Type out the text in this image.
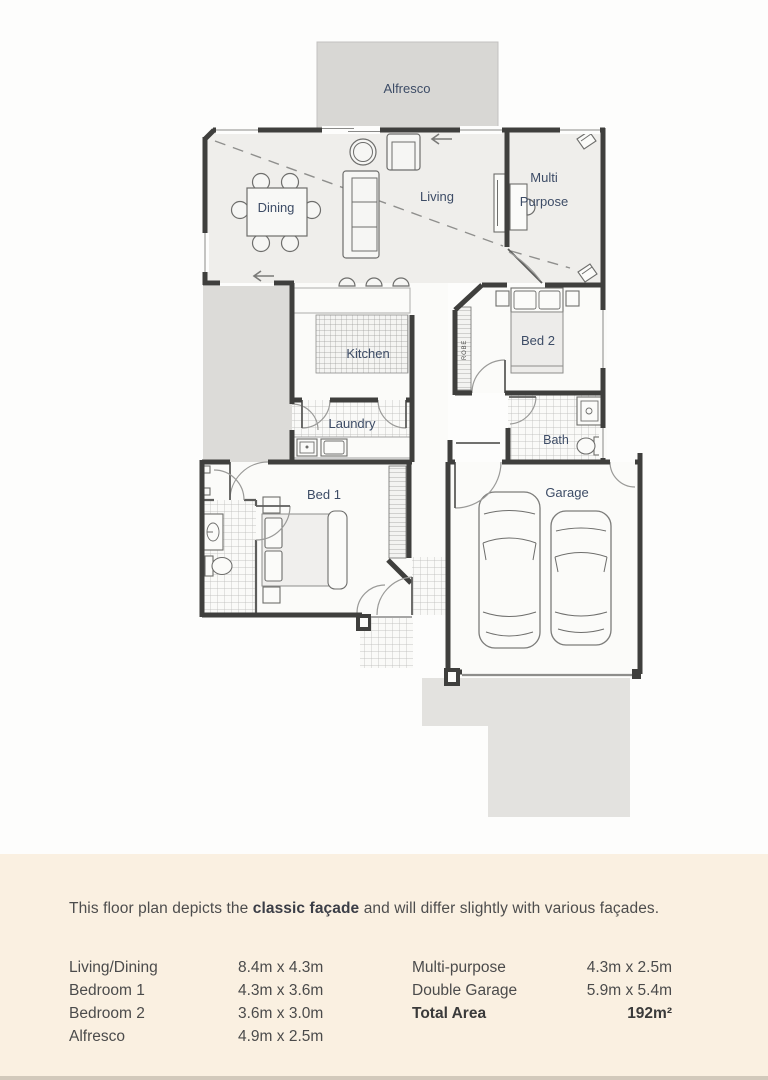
Alfresco
Dining
Living
Multi
Purpose
Kitchen
Bed 2
ROBE
Laundry
Bath
Bed 1	Garage

This floor plan depicts the classic façade and will differ slightly with various façades.

Living/Dining	8.4m x 4.3m
Bedroom 1	4.3m x 3.6m
Bedroom 2	3.6m x 3.0m
Alfresco	4.9m x 2.5m
Multi-purpose	4.3m x 2.5m
Double Garage	5.9m x 5.4m
Total Area	192m²
